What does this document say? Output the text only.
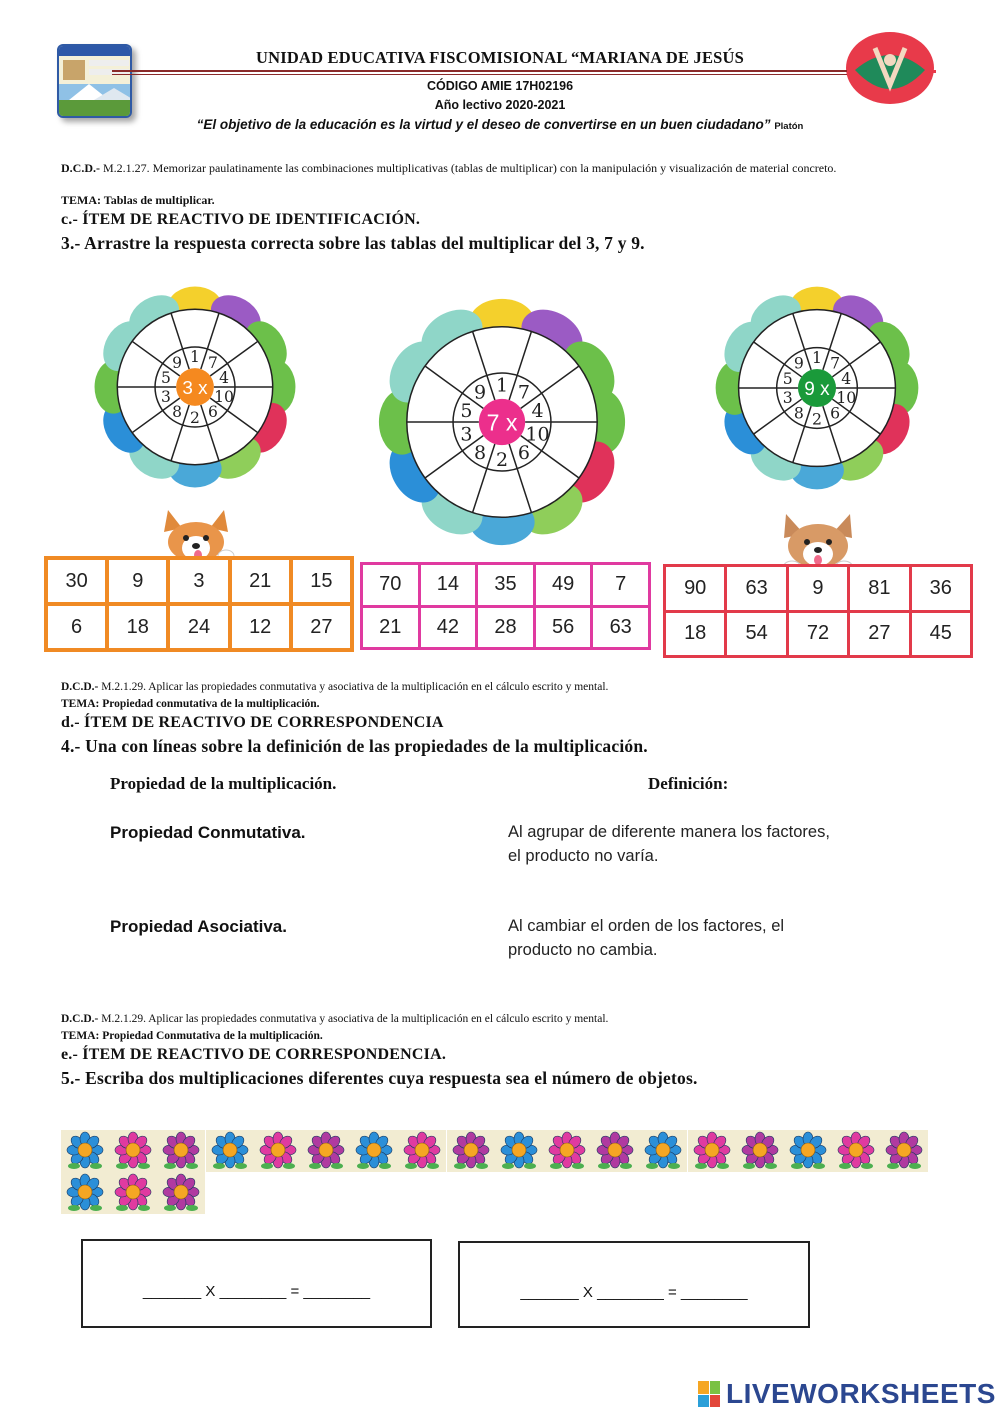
UNIDAD EDUCATIVA FISCOMISIONAL “MARIANA DE JESÚS
CÓDIGO AMIE 17H02196
Año lectivo 2020-2021
“El objetivo de la educación es la virtud y el deseo de convertirse en un buen ciudadano” Platón
D.C.D.- M.2.1.27. Memorizar paulatinamente las combinaciones multiplicativas (tablas de multiplicar) con la manipulación y visualización de material concreto.
TEMA: Tablas de multiplicar.
c.- ÍTEM DE REACTIVO DE IDENTIFICACIÓN.
3.- Arrastre la respuesta correcta sobre las tablas del multiplicar del 3, 7 y 9.
3 x
1 7
4
10
6
2
8
3
5
9
7 x
1 7
4
10
6
2
8
3
5
9	9 x
1 7
4
10
6
2
8
3
5
9
30	9	3	21	15
6	18	24	12	27
70	14	35	49	7
21	42	28	56	63
90	63	9	81	36
18	54	72	27	45
D.C.D.- M.2.1.29. Aplicar las propiedades conmutativa y asociativa de la multiplicación en el cálculo escrito y mental.
TEMA: Propiedad conmutativa de la multiplicación.
d.- ÍTEM DE REACTIVO DE CORRESPONDENCIA
4.- Una con líneas sobre la definición de las propiedades de la multiplicación.
Propiedad de la multiplicación.	Definición:
Propiedad Conmutativa.
Propiedad Asociativa.
Al agrupar de diferente manera los factores,
el producto no varía.
Al cambiar el orden de los factores, el
producto no cambia.
D.C.D.- M.2.1.29. Aplicar las propiedades conmutativa y asociativa de la multiplicación en el cálculo escrito y mental.
TEMA: Propiedad Conmutativa de la multiplicación.
e.- ÍTEM DE REACTIVO DE CORRESPONDENCIA.
5.- Escriba dos multiplicaciones diferentes cuya respuesta sea el número de objetos.
_______ X ________ = ________	_______ X ________ = ________
LIVEWORKSHEETS
